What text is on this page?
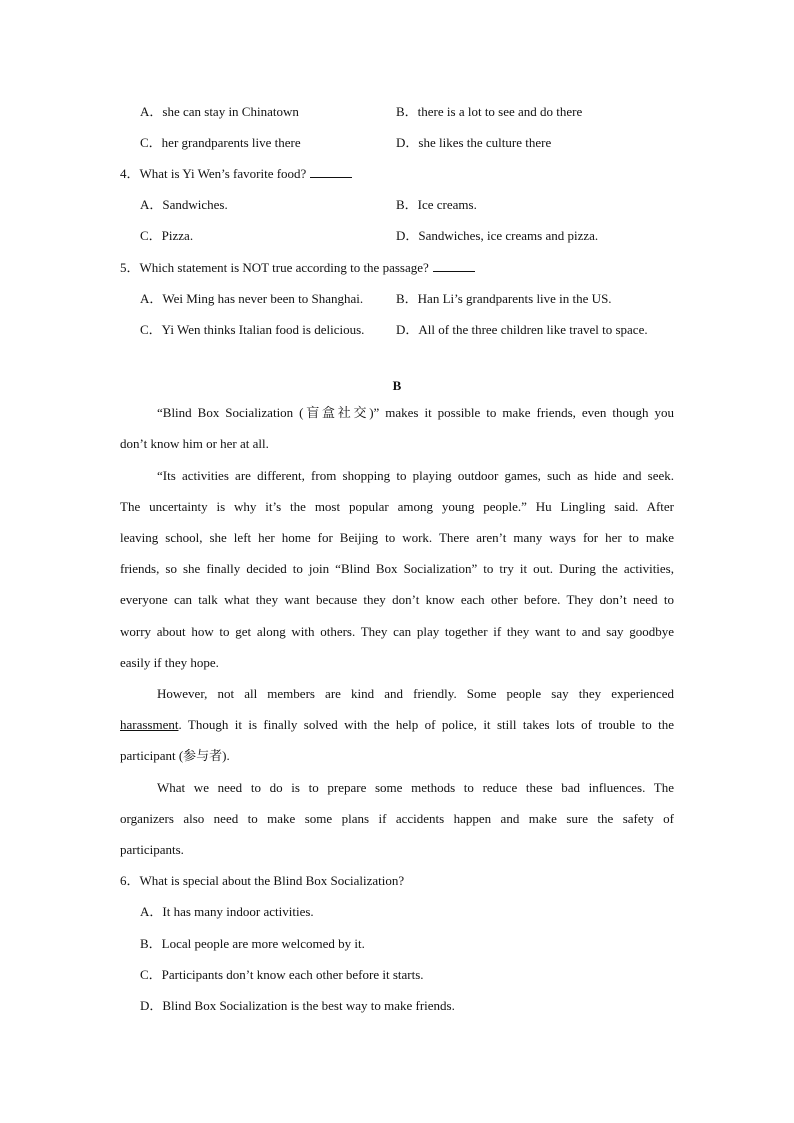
A．she can stay in Chinatown	B．there is a lot to see and do there
C．her grandparents live there	D．she likes the culture there
4．What is Yi Wen’s favorite food?
A．Sandwiches.	B．Ice creams.
C．Pizza.	D．Sandwiches, ice creams and pizza.
5．Which statement is NOT true according to the passage?
A．Wei Ming has never been to Shanghai.	B．Han Li’s grandparents live in the US.
C．Yi Wen thinks Italian food is delicious. D．All of the three children like travel to space.
B
“Blind Box Socialization (盲盒社交)” makes it possible to make friends, even though you
don’t know him or her at all.
“Its activities are different, from shopping to playing outdoor games, such as hide and seek.
The uncertainty is why it’s the most popular among young people.” Hu Lingling said. After
leaving school, she left her home for Beijing to work. There aren’t many ways for her to make
friends, so she finally decided to join “Blind Box Socialization” to try it out. During the activities,
everyone can talk what they want because they don’t know each other before. They don’t need to
worry about how to get along with others. They can play together if they want to and say goodbye
easily if they hope.
However, not all members are kind and friendly. Some people say they experienced
harassment. Though it is finally solved with the help of police, it still takes lots of trouble to the
participant (参与者).
What we need to do is to prepare some methods to reduce these bad influences. The
organizers also need to make some plans if accidents happen and make sure the safety of
participants.
6．What is special about the Blind Box Socialization?
A．It has many indoor activities.
B．Local people are more welcomed by it.
C．Participants don’t know each other before it starts.
D．Blind Box Socialization is the best way to make friends.
